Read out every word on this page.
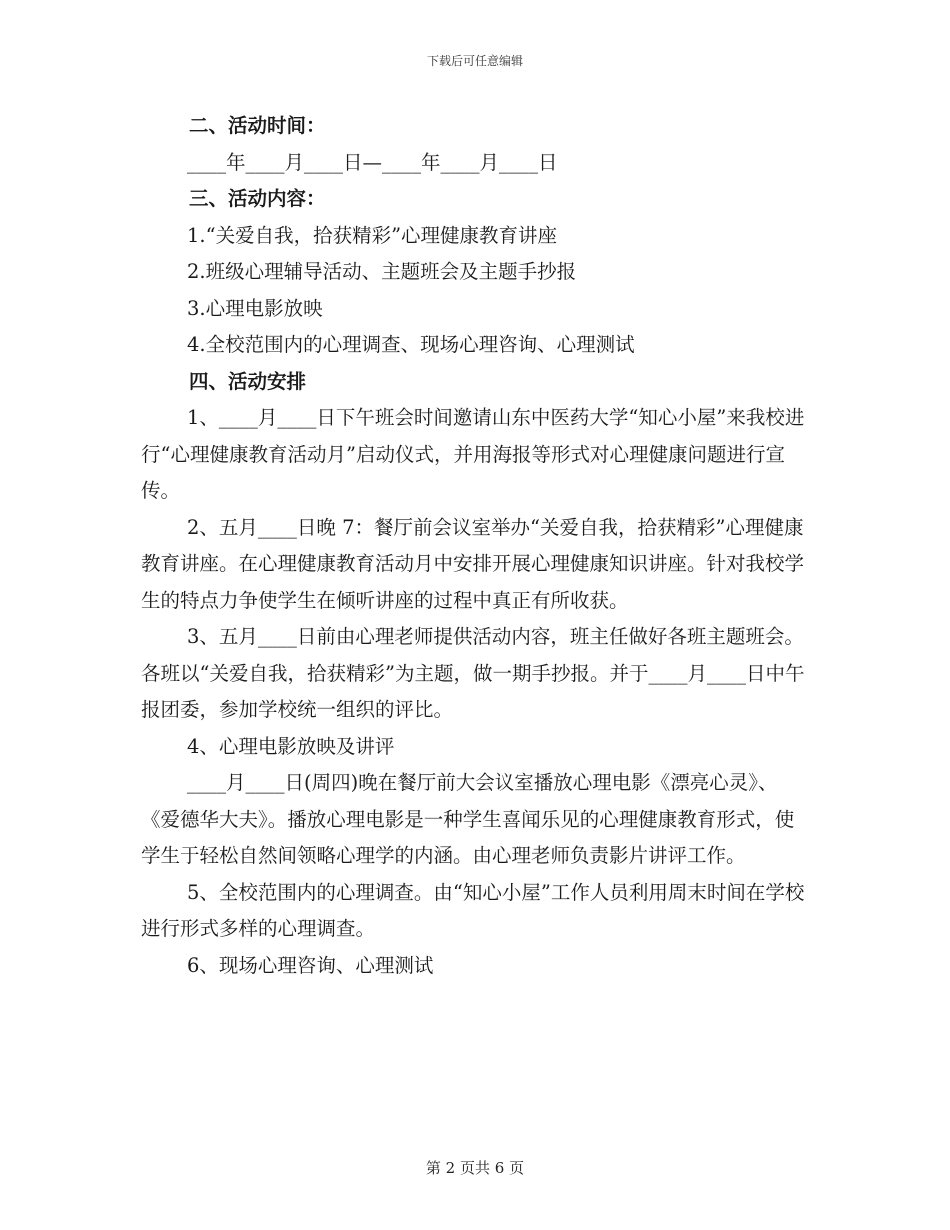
下载后可任意编辑

二、活动时间：

____年____月____日—____年____月____日

三、活动内容：

1.“关爱自我，拾获精彩”心理健康教育讲座

2.班级心理辅导活动、主题班会及主题手抄报

3.心理电影放映

4.全校范围内的心理调查、现场心理咨询、心理测试

四、活动安排

1、____月____日下午班会时间邀请山东中医药大学“知心小屋”来我校进行“心理健康教育活动月”启动仪式，并用海报等形式对心理健康问题进行宣传。

2、五月____日晚 7：餐厅前会议室举办“关爱自我，拾获精彩”心理健康教育讲座。在心理健康教育活动月中安排开展心理健康知识讲座。针对我校学生的特点力争使学生在倾听讲座的过程中真正有所收获。

3、五月____日前由心理老师提供活动内容，班主任做好各班主题班会。各班以“关爱自我，拾获精彩”为主题，做一期手抄报。并于____月____日中午报团委，参加学校统一组织的评比。

4、心理电影放映及讲评

____月____日(周四)晚在餐厅前大会议室播放心理电影《漂亮心灵》、《爱德华大夫》。播放心理电影是一种学生喜闻乐见的心理健康教育形式，使学生于轻松自然间领略心理学的内涵。由心理老师负责影片讲评工作。

5、全校范围内的心理调查。由“知心小屋”工作人员利用周末时间在学校进行形式多样的心理调查。

6、现场心理咨询、心理测试

第 2 页共 6 页
